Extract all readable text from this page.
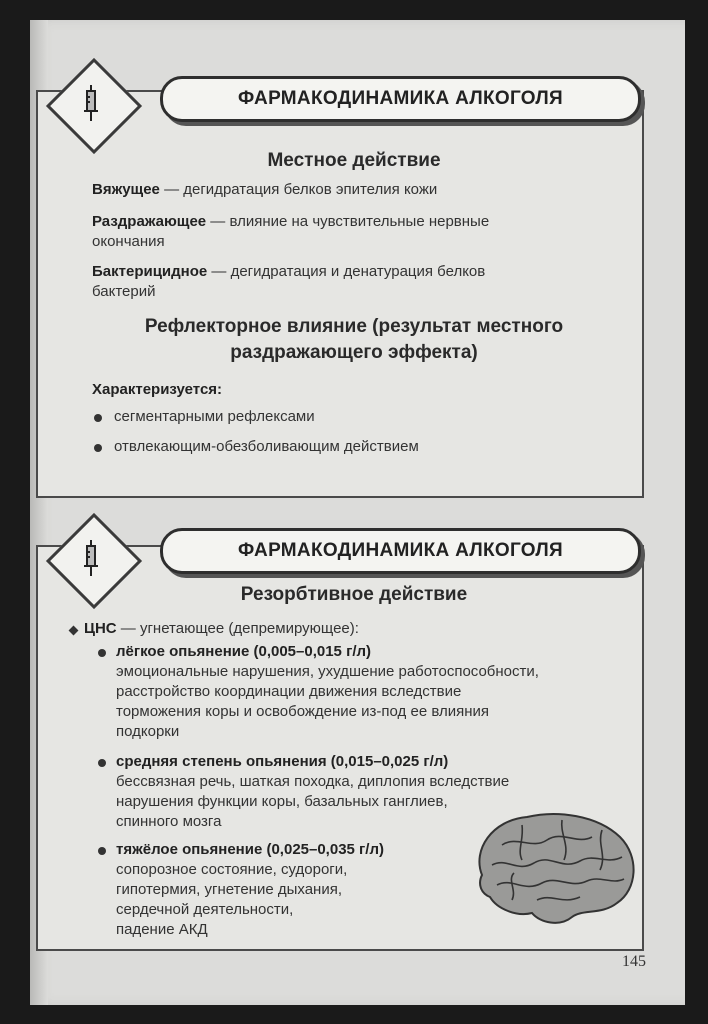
ФАРМАКОДИНАМИКА АЛКОГОЛЯ
Местное действие
Вяжущее — дегидратация белков эпителия кожи
Раздражающее — влияние на чувствительные нервные
окончания
Бактерицидное — дегидратация и денатурация белков
бактерий
Рефлекторное влияние (результат местного
раздражающего эффекта)
Характеризуется:
сегментарными рефлексами
отвлекающим-обезболивающим действием
ФАРМАКОДИНАМИКА АЛКОГОЛЯ
Резорбтивное действие
ЦНС — угнетающее (депремирующее):
лёгкое опьянение (0,005–0,015 г/л)
эмоциональные нарушения, ухудшение работоспособности,
расстройство координации движения вследствие
торможения коры и освобождение из-под ее влияния
подкорки
средняя степень опьянения (0,015–0,025 г/л)
бессвязная речь, шаткая походка, диплопия вследствие
нарушения функции коры, базальных ганглиев,
спинного мозга
тяжёлое опьянение (0,025–0,035 г/л)
сопорозное состояние, судороги,
гипотермия, угнетение дыхания,
сердечной деятельности,
падение АКД
145
